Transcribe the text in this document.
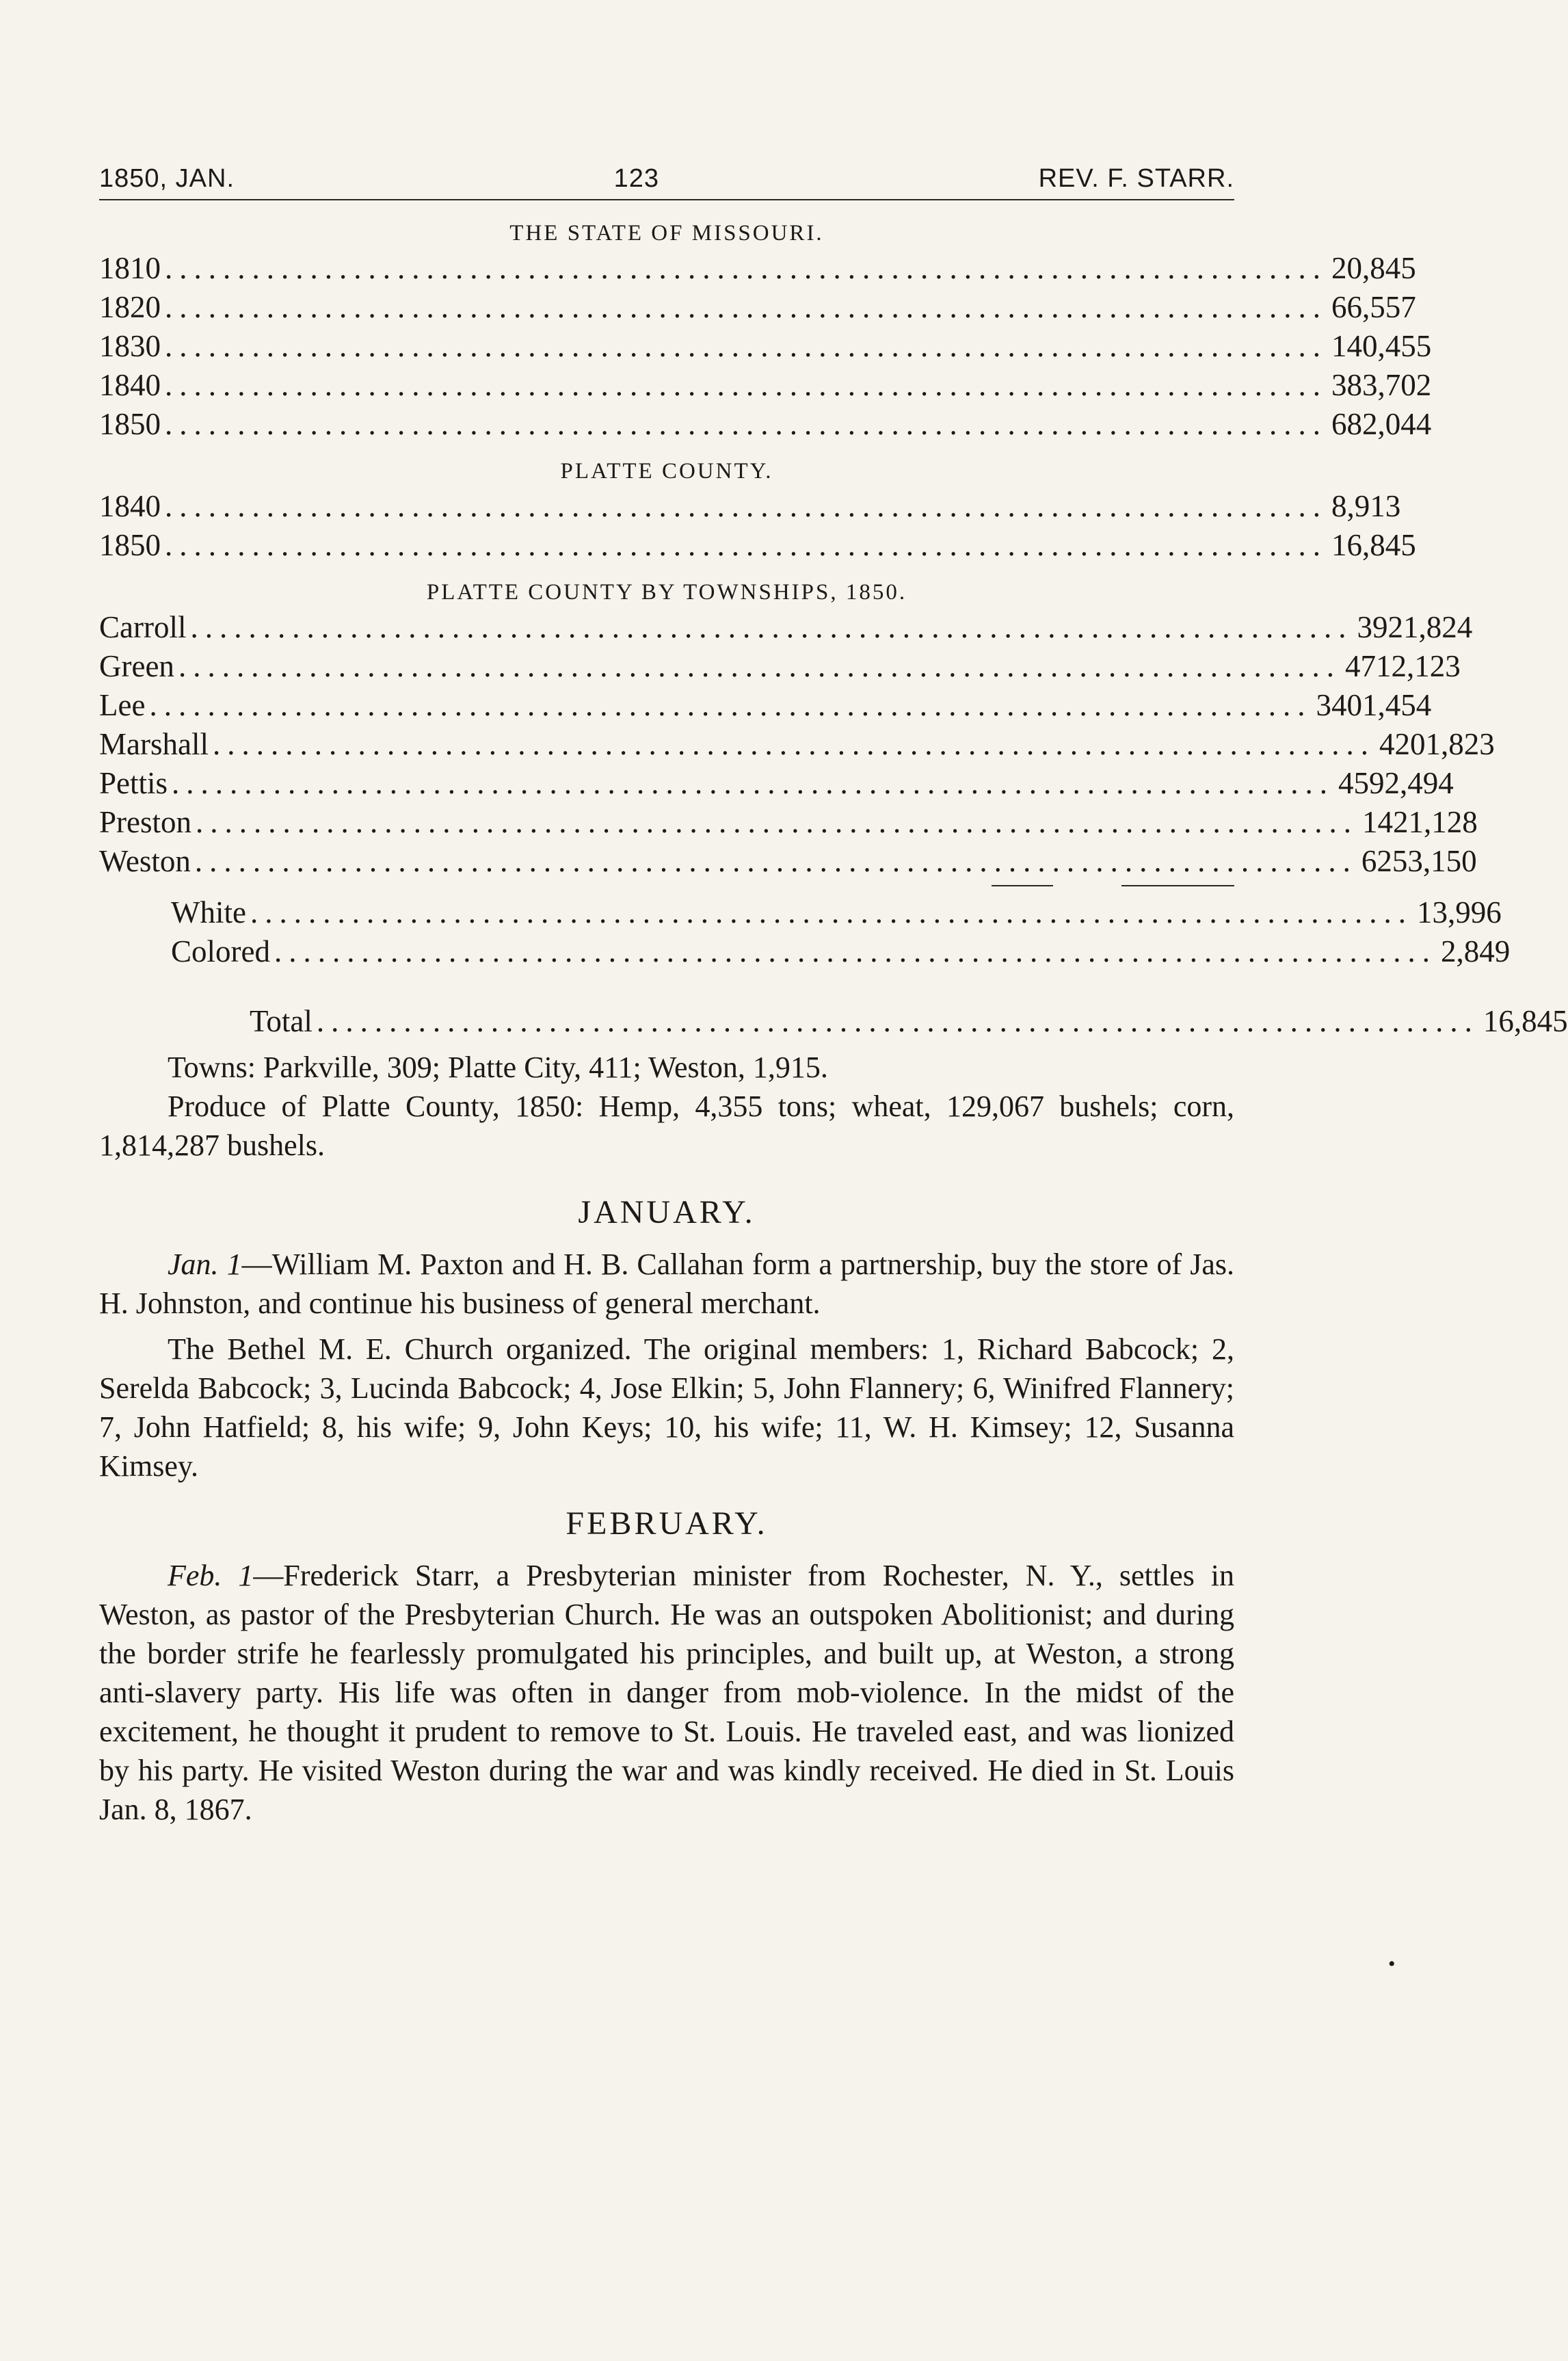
1850, JAN.	123	REV. F. STARR.

THE STATE OF MISSOURI.

1810 ................................................................................ 20,845
1820 ................................................................................ 66,557
1830 ................................................................................ 140,455
1840 ................................................................................ 383,702
1850 ................................................................................ 682,044

PLATTE COUNTY.

1840 ................................................................................ 8,913
1850 ................................................................................ 16,845

PLATTE COUNTY BY TOWNSHIPS, 1850.

Carroll ................................................................................ 392 1,824
Green ................................................................................ 471 2,123
Lee ................................................................................ 340 1,454
Marshall ................................................................................ 420 1,823
Pettis ................................................................................ 459 2,494
Preston ................................................................................ 142 1,128
Weston ................................................................................ 625 3,150
White ................................................................................ 13,996
Colored ................................................................................ 2,849
Total ................................................................................ 16,845

Towns: Parkville, 309; Platte City, 411; Weston, 1,915.

Produce of Platte County, 1850: Hemp, 4,355 tons; wheat, 129,067 bushels; corn, 1,814,287 bushels.

JANUARY.

Jan. 1—William M. Paxton and H. B. Callahan form a partnership, buy the store of Jas. H. Johnston, and continue his business of general merchant.

The Bethel M. E. Church organized. The original members: 1, Richard Babcock; 2, Serelda Babcock; 3, Lucinda Babcock; 4, Jose Elkin; 5, John Flannery; 6, Winifred Flannery; 7, John Hatfield; 8, his wife; 9, John Keys; 10, his wife; 11, W. H. Kimsey; 12, Susanna Kimsey.

FEBRUARY.

Feb. 1—Frederick Starr, a Presbyterian minister from Rochester, N. Y., settles in Weston, as pastor of the Presbyterian Church. He was an outspoken Abolitionist; and during the border strife he fearlessly promulgated his principles, and built up, at Weston, a strong anti-slavery party. His life was often in danger from mob-violence. In the midst of the excitement, he thought it prudent to remove to St. Louis. He traveled east, and was lionized by his party. He visited Weston during the war and was kindly received. He died in St. Louis Jan. 8, 1867.

•
